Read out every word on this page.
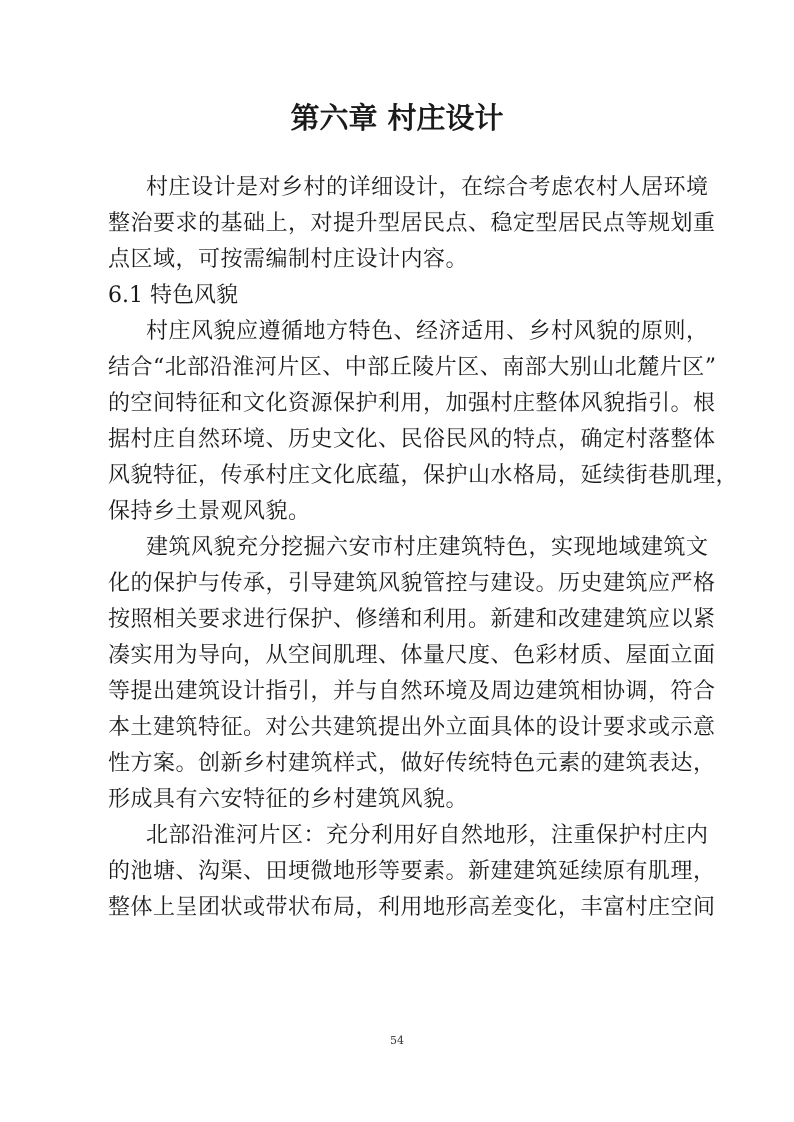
第六章 村庄设计
村庄设计是对乡村的详细设计，在综合考虑农村人居环境
整治要求的基础上，对提升型居民点、稳定型居民点等规划重
点区域，可按需编制村庄设计内容。
6.1 特色风貌
村庄风貌应遵循地方特色、经济适用、乡村风貌的原则，
结合“北部沿淮河片区、中部丘陵片区、南部大别山北麓片区”
的空间特征和文化资源保护利用，加强村庄整体风貌指引。根
据村庄自然环境、历史文化、民俗民风的特点，确定村落整体
风貌特征，传承村庄文化底蕴，保护山水格局，延续街巷肌理，
保持乡土景观风貌。
建筑风貌充分挖掘六安市村庄建筑特色，实现地域建筑文
化的保护与传承，引导建筑风貌管控与建设。历史建筑应严格
按照相关要求进行保护、修缮和利用。新建和改建建筑应以紧
凑实用为导向，从空间肌理、体量尺度、色彩材质、屋面立面
等提出建筑设计指引，并与自然环境及周边建筑相协调，符合
本土建筑特征。对公共建筑提出外立面具体的设计要求或示意
性方案。创新乡村建筑样式，做好传统特色元素的建筑表达，
形成具有六安特征的乡村建筑风貌。
北部沿淮河片区：充分利用好自然地形，注重保护村庄内
的池塘、沟渠、田埂微地形等要素。新建建筑延续原有肌理，
整体上呈团状或带状布局，利用地形高差变化，丰富村庄空间
54
